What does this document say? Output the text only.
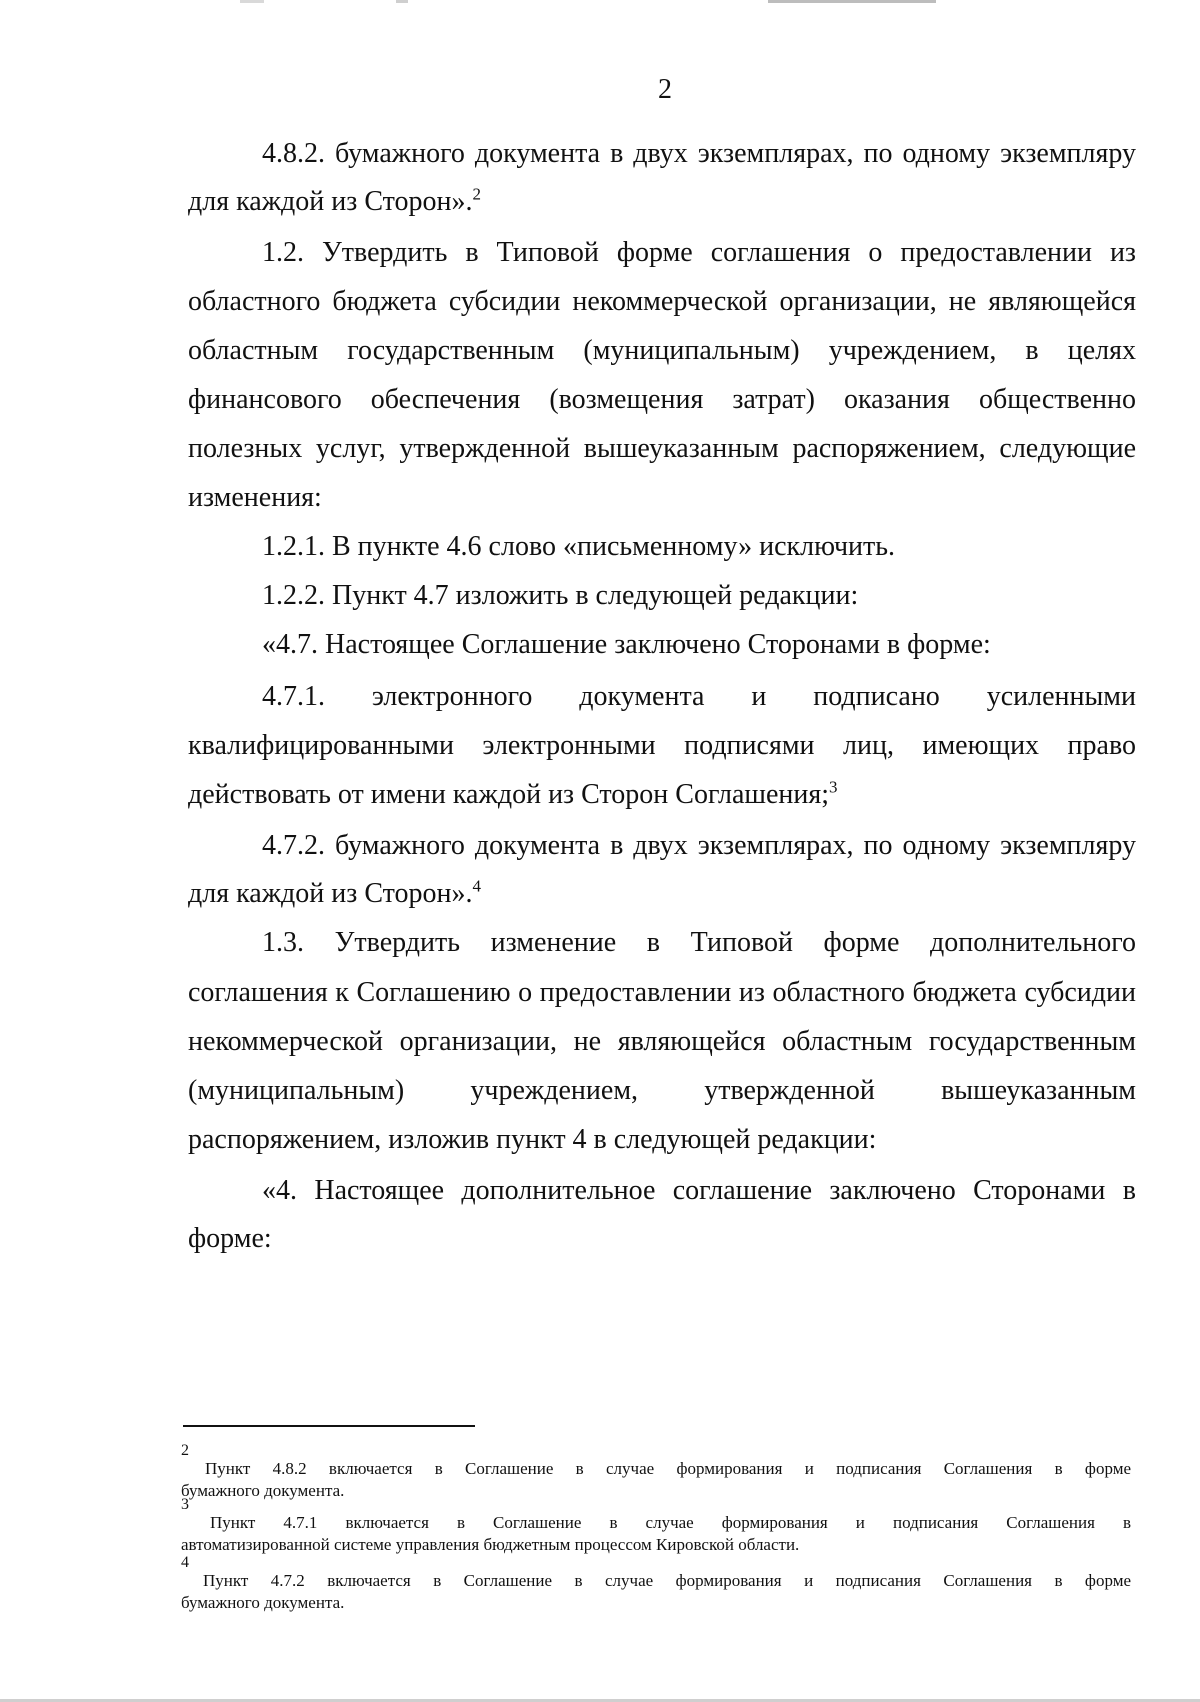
2
4.8.2. бумажного документа в двух экземплярах, по одному экземпляру
для каждой из Сторон».$^2$
1.2. Утвердить в Типовой форме соглашения о предоставлении из
областного бюджета субсидии некоммерческой организации, не являющейся
областным государственным (муниципальным) учреждением, в целях
финансового обеспечения (возмещения затрат) оказания общественно
полезных услуг, утвержденной вышеуказанным распоряжением, следующие
изменения:
1.2.1. В пункте 4.6 слово «письменному» исключить.
1.2.2. Пункт 4.7 изложить в следующей редакции:
«4.7. Настоящее Соглашение заключено Сторонами в форме:
4.7.1. электронного документа и подписано усиленными
квалифицированными электронными подписями лиц, имеющих право
действовать от имени каждой из Сторон Соглашения;$^3$
4.7.2. бумажного документа в двух экземплярах, по одному экземпляру
для каждой из Сторон».$^4$
1.3. Утвердить изменение в Типовой форме дополнительного
соглашения к Соглашению о предоставлении из областного бюджета субсидии
некоммерческой организации, не являющейся областным государственным
(муниципальным) учреждением, утвержденной вышеуказанным
распоряжением, изложив пункт 4 в следующей редакции:
«4. Настоящее дополнительное соглашение заключено Сторонами в
форме:
2
Пункт 4.8.2 включается в Соглашение в случае формирования и подписания Соглашения в форме
бумажного документа.
3
Пункт 4.7.1 включается в Соглашение в случае формирования и подписания Соглашения в
автоматизированной системе управления бюджетным процессом Кировской области.
4
Пункт 4.7.2 включается в Соглашение в случае формирования и подписания Соглашения в форме
бумажного документа.
